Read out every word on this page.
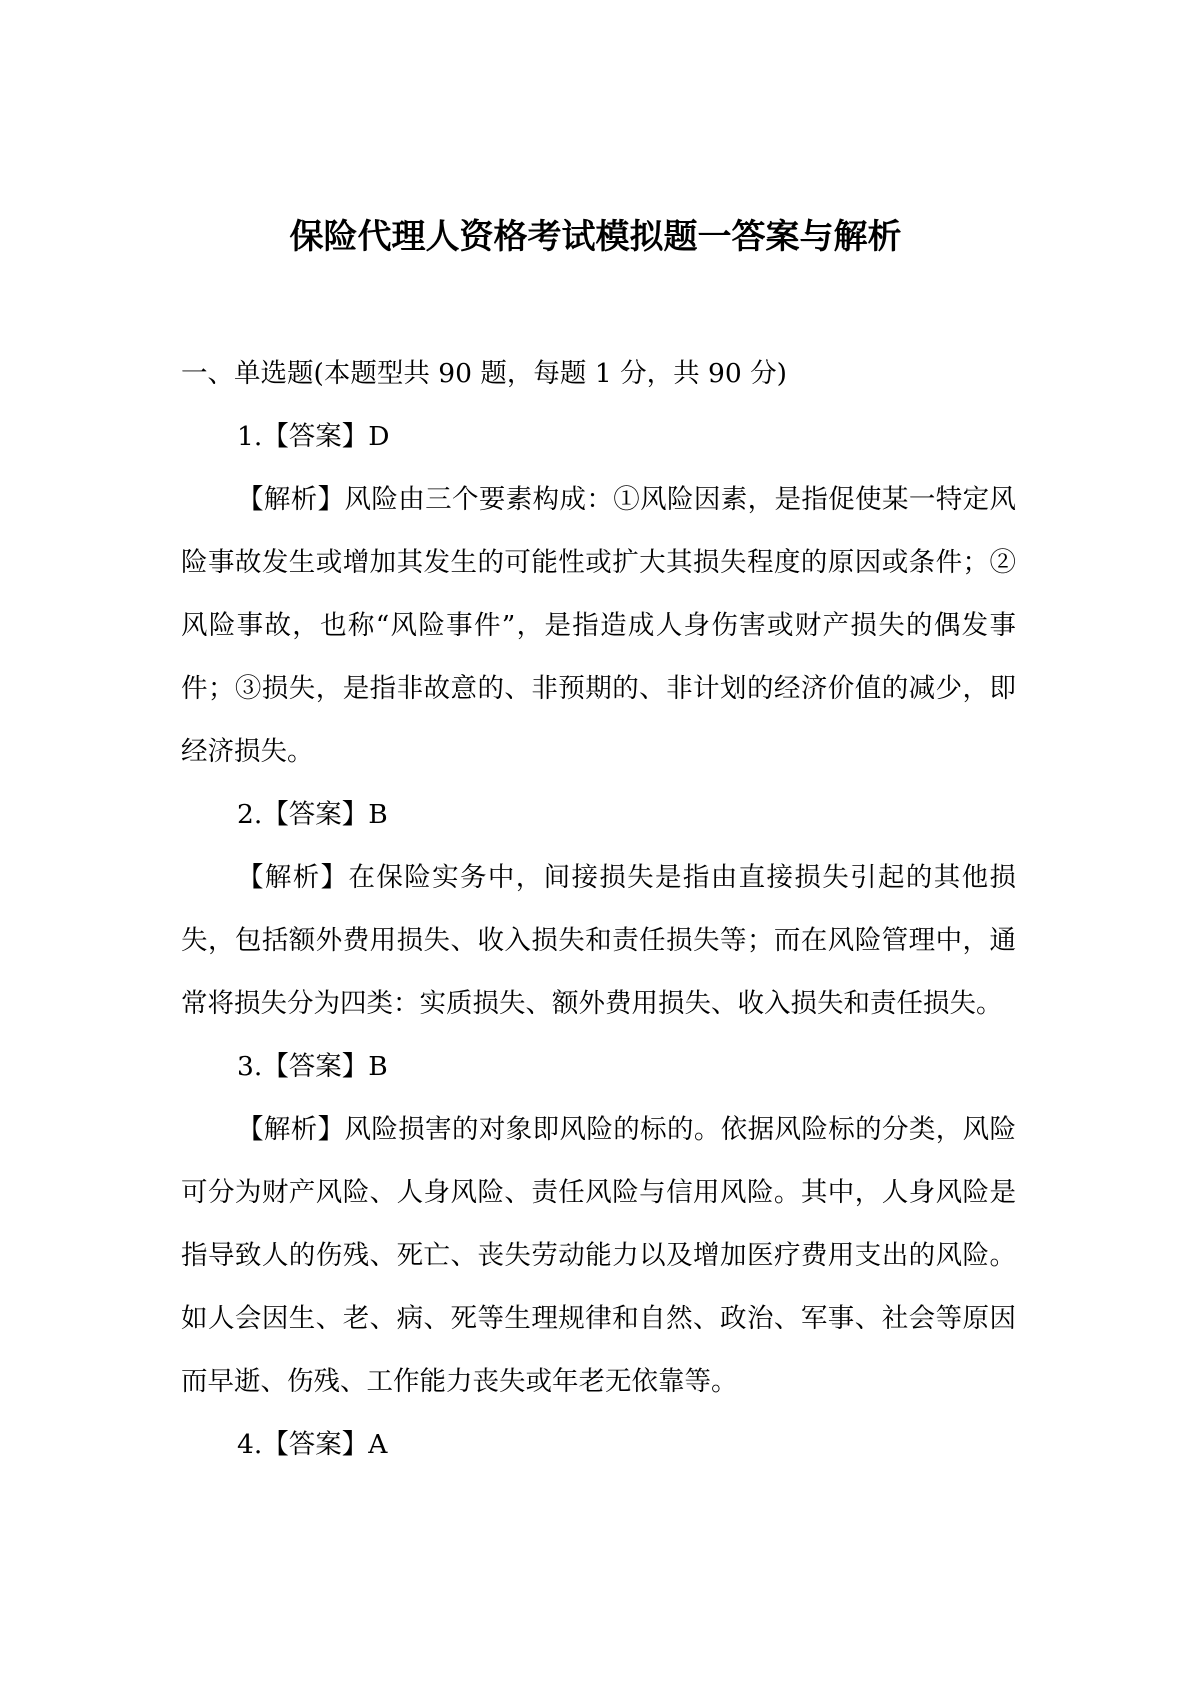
保险代理人资格考试模拟题一答案与解析

一、单选题(本题型共 90 题，每题 1 分，共 90 分)

1.【答案】D

【解析】风险由三个要素构成：①风险因素，是指促使某一特定风险事故发生或增加其发生的可能性或扩大其损失程度的原因或条件；②风险事故，也称“风险事件”，是指造成人身伤害或财产损失的偶发事件；③损失，是指非故意的、非预期的、非计划的经济价值的减少，即经济损失。

2.【答案】B

【解析】在保险实务中，间接损失是指由直接损失引起的其他损失，包括额外费用损失、收入损失和责任损失等；而在风险管理中，通常将损失分为四类：实质损失、额外费用损失、收入损失和责任损失。

3.【答案】B

【解析】风险损害的对象即风险的标的。依据风险标的分类，风险可分为财产风险、人身风险、责任风险与信用风险。其中，人身风险是指导致人的伤残、死亡、丧失劳动能力以及增加医疗费用支出的风险。如人会因生、老、病、死等生理规律和自然、政治、军事、社会等原因而早逝、伤残、工作能力丧失或年老无依靠等。

4.【答案】A
